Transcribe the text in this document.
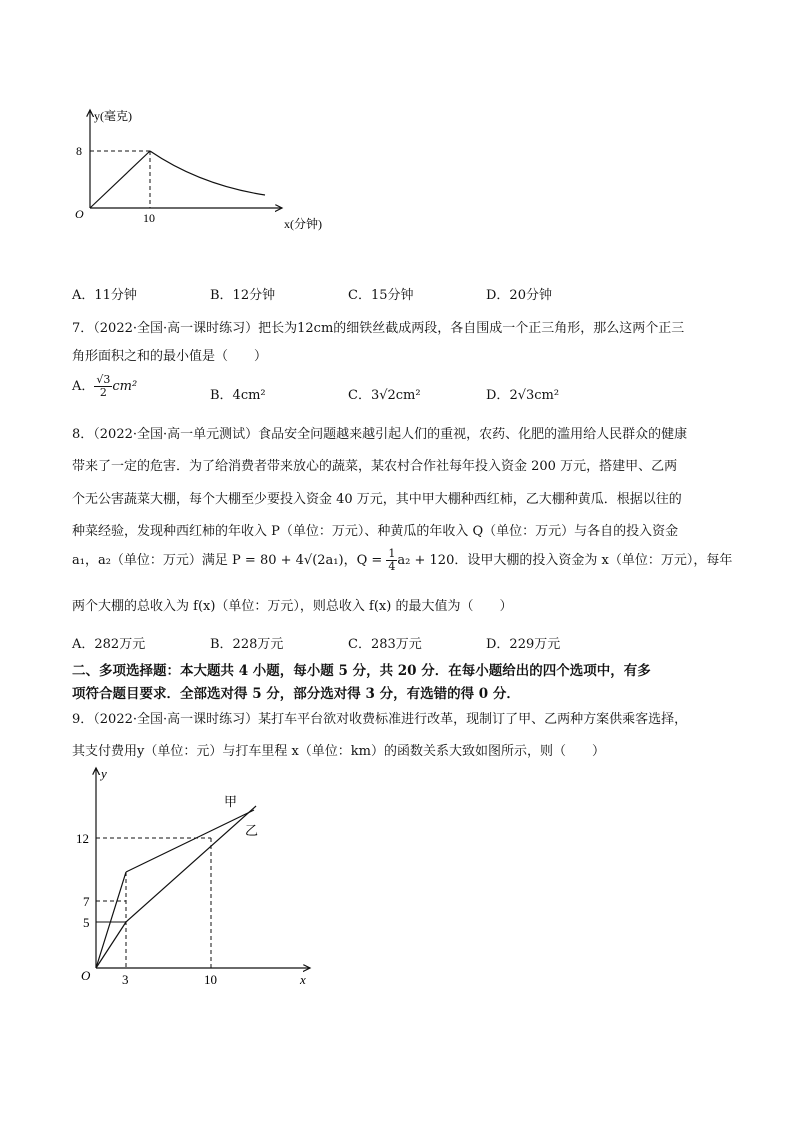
y(毫克)
x(分钟)
O
8
10
A．11分钟	B．12分钟	C．15分钟	D．20分钟
7．（2022·全国·高一课时练习）把长为12cm的细铁丝截成两段，各自围成一个正三角形，那么这两个正三
角形面积之和的最小值是（　　）
A． $\frac{√3}{2} cm^2$
B．4cm²	C．3√2cm²	D．2√3cm²
8．（2022·全国·高一单元测试）食品安全问题越来越引起人们的重视，农药、化肥的滥用给人民群众的健康
带来了一定的危害．为了给消费者带来放心的蔬菜，某农村合作社每年投入资金 200 万元，搭建甲、乙两
个无公害蔬菜大棚，每个大棚至少要投入资金 40 万元，其中甲大棚种西红柿，乙大棚种黄瓜．根据以往的
种菜经验，发现种西红柿的年收入 P（单位：万元）、种黄瓜的年收入 Q（单位：万元）与各自的投入资金
a₁，a₂（单位：万元）满足 P = 80 + 4√(2a₁)，$Q = \frac{1}{4} a_2 + 120$．设甲大棚的投入资金为 x（单位：万元），每年
两个大棚的总收入为 f(x)（单位：万元），则总收入 f(x) 的最大值为（　　）
A．282万元	B．228万元	C．283万元	D．229万元
二、多项选择题：本大题共 4 小题，每小题 5 分，共 20 分．在每小题给出的四个选项中，有多
项符合题目要求．全部选对得 5 分，部分选对得 3 分，有选错的得 0 分．
9．（2022·全国·高一课时练习）某打车平台欲对收费标准进行改革，现制订了甲、乙两种方案供乘客选择，
其支付费用y（单位：元）与打车里程 x（单位：km）的函数关系大致如图所示，则（　　）
y
x
O
12
7
5
3	10
甲
乙
